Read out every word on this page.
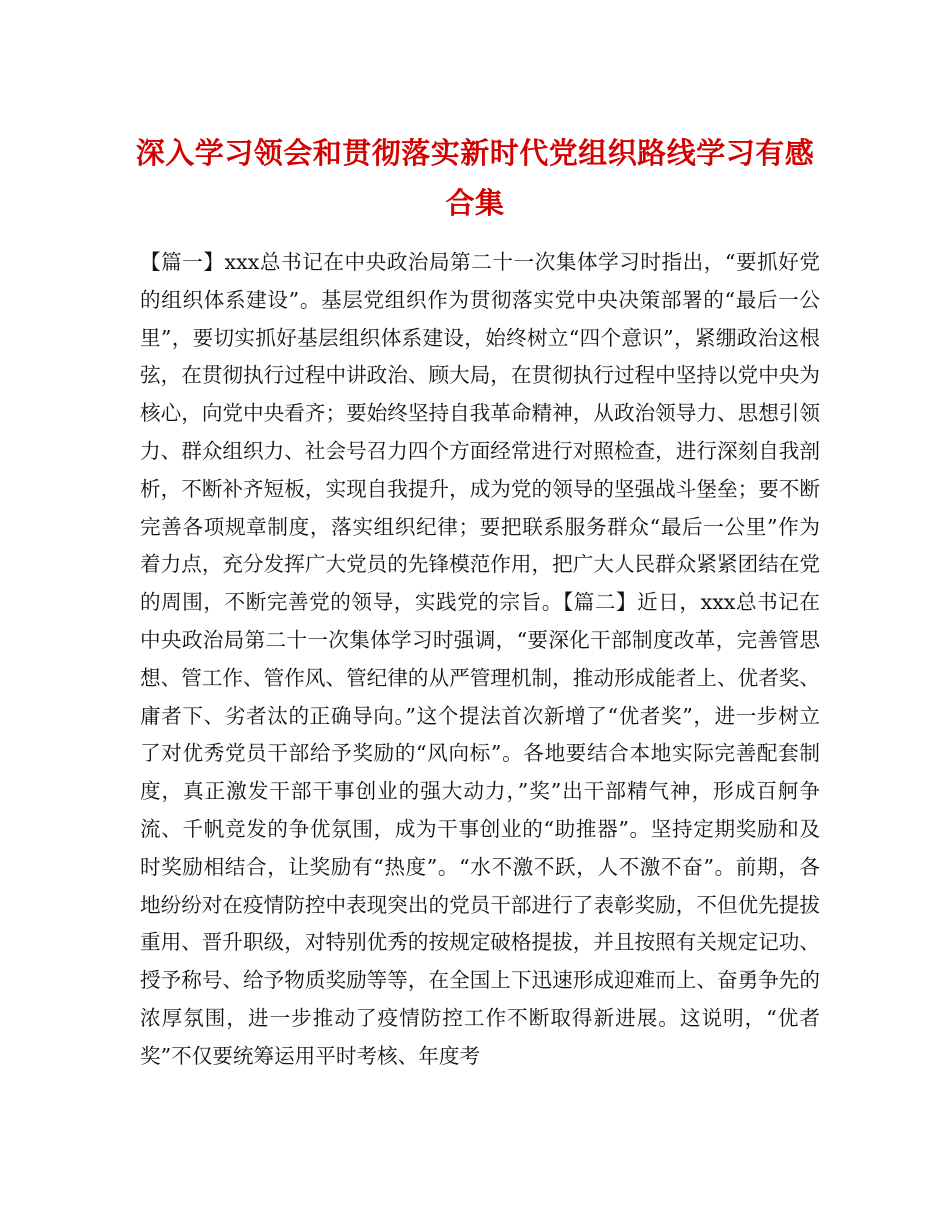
深入学习领会和贯彻落实新时代党组织路线学习有感合集

【篇一】xxx总书记在中央政治局第二十一次集体学习时指出，“要抓好党的组织体系建设”。基层党组织作为贯彻落实党中央决策部署的“最后一公里”，要切实抓好基层组织体系建设，始终树立“四个意识”，紧绷政治这根弦，在贯彻执行过程中讲政治、顾大局，在贯彻执行过程中坚持以党中央为核心，向党中央看齐；要始终坚持自我革命精神，从政治领导力、思想引领力、群众组织力、社会号召力四个方面经常进行对照检查，进行深刻自我剖析，不断补齐短板，实现自我提升，成为党的领导的坚强战斗堡垒；要不断完善各项规章制度，落实组织纪律；要把联系服务群众“最后一公里”作为着力点，充分发挥广大党员的先锋模范作用，把广大人民群众紧紧团结在党的周围，不断完善党的领导，实践党的宗旨。【篇二】近日，xxx总书记在中央政治局第二十一次集体学习时强调，“要深化干部制度改革，完善管思想、管工作、管作风、管纪律的从严管理机制，推动形成能者上、优者奖、庸者下、劣者汰的正确导向。”这个提法首次新增了“优者奖”，进一步树立了对优秀党员干部给予奖励的“风向标”。各地要结合本地实际完善配套制度，真正激发干部干事创业的强大动力，”奖”出干部精气神，形成百舸争流、千帆竞发的争优氛围，成为干事创业的“助推器”。坚持定期奖励和及时奖励相结合，让奖励有“热度”。“水不激不跃，人不激不奋”。前期，各地纷纷对在疫情防控中表现突出的党员干部进行了表彰奖励，不但优先提拔重用、晋升职级，对特别优秀的按规定破格提拔，并且按照有关规定记功、授予称号、给予物质奖励等等，在全国上下迅速形成迎难而上、奋勇争先的浓厚氛围，进一步推动了疫情防控工作不断取得新进展。这说明，“优者奖”不仅要统筹运用平时考核、年度考
